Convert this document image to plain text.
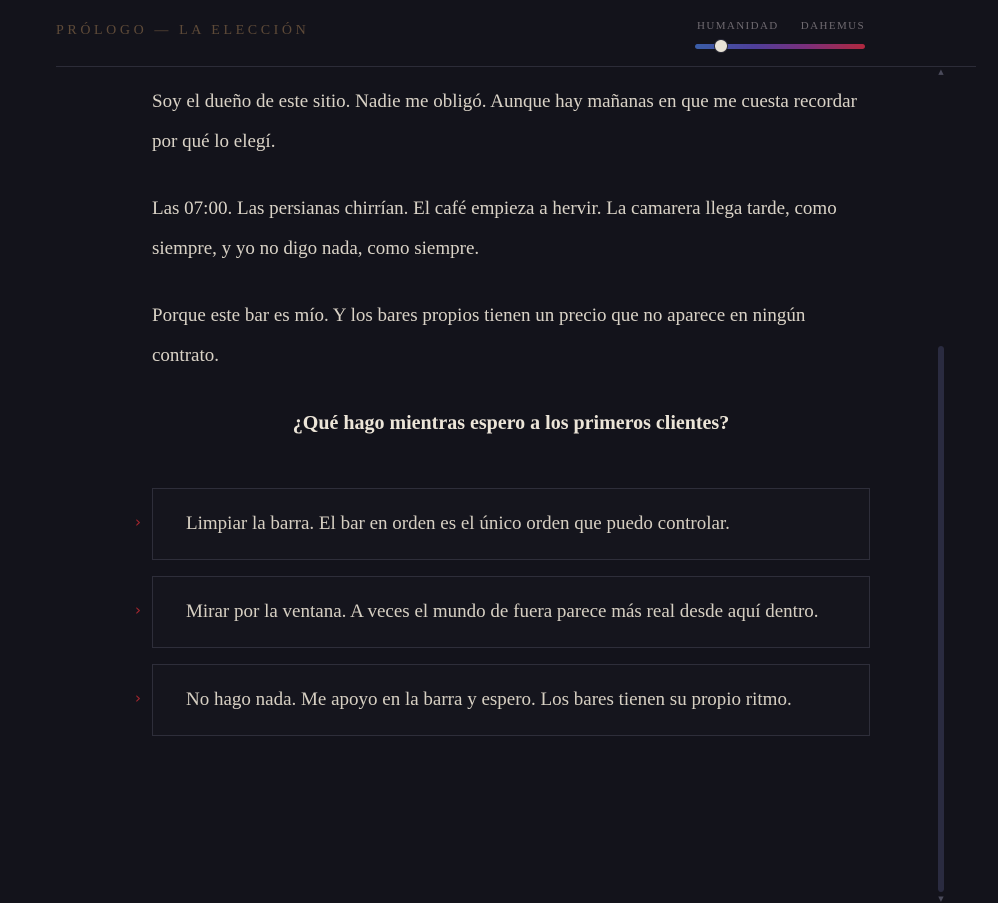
PRÓLOGO — LA ELECCIÓN	HUMANIDAD DAHEMUS

Soy el dueño de este sitio. Nadie me obligó. Aunque hay mañanas en que me cuesta recordar por qué lo elegí.

Las 07:00. Las persianas chirrían. El café empieza a hervir. La camarera llega tarde, como siempre, y yo no digo nada, como siempre.

Porque este bar es mío. Y los bares propios tienen un precio que no aparece en ningún contrato.

¿Qué hago mientras espero a los primeros clientes?

› Limpiar la barra. El bar en orden es el único orden que puedo controlar.
› Mirar por la ventana. A veces el mundo de fuera parece más real desde aquí dentro.
› No hago nada. Me apoyo en la barra y espero. Los bares tienen su propio ritmo.
▲
▼
